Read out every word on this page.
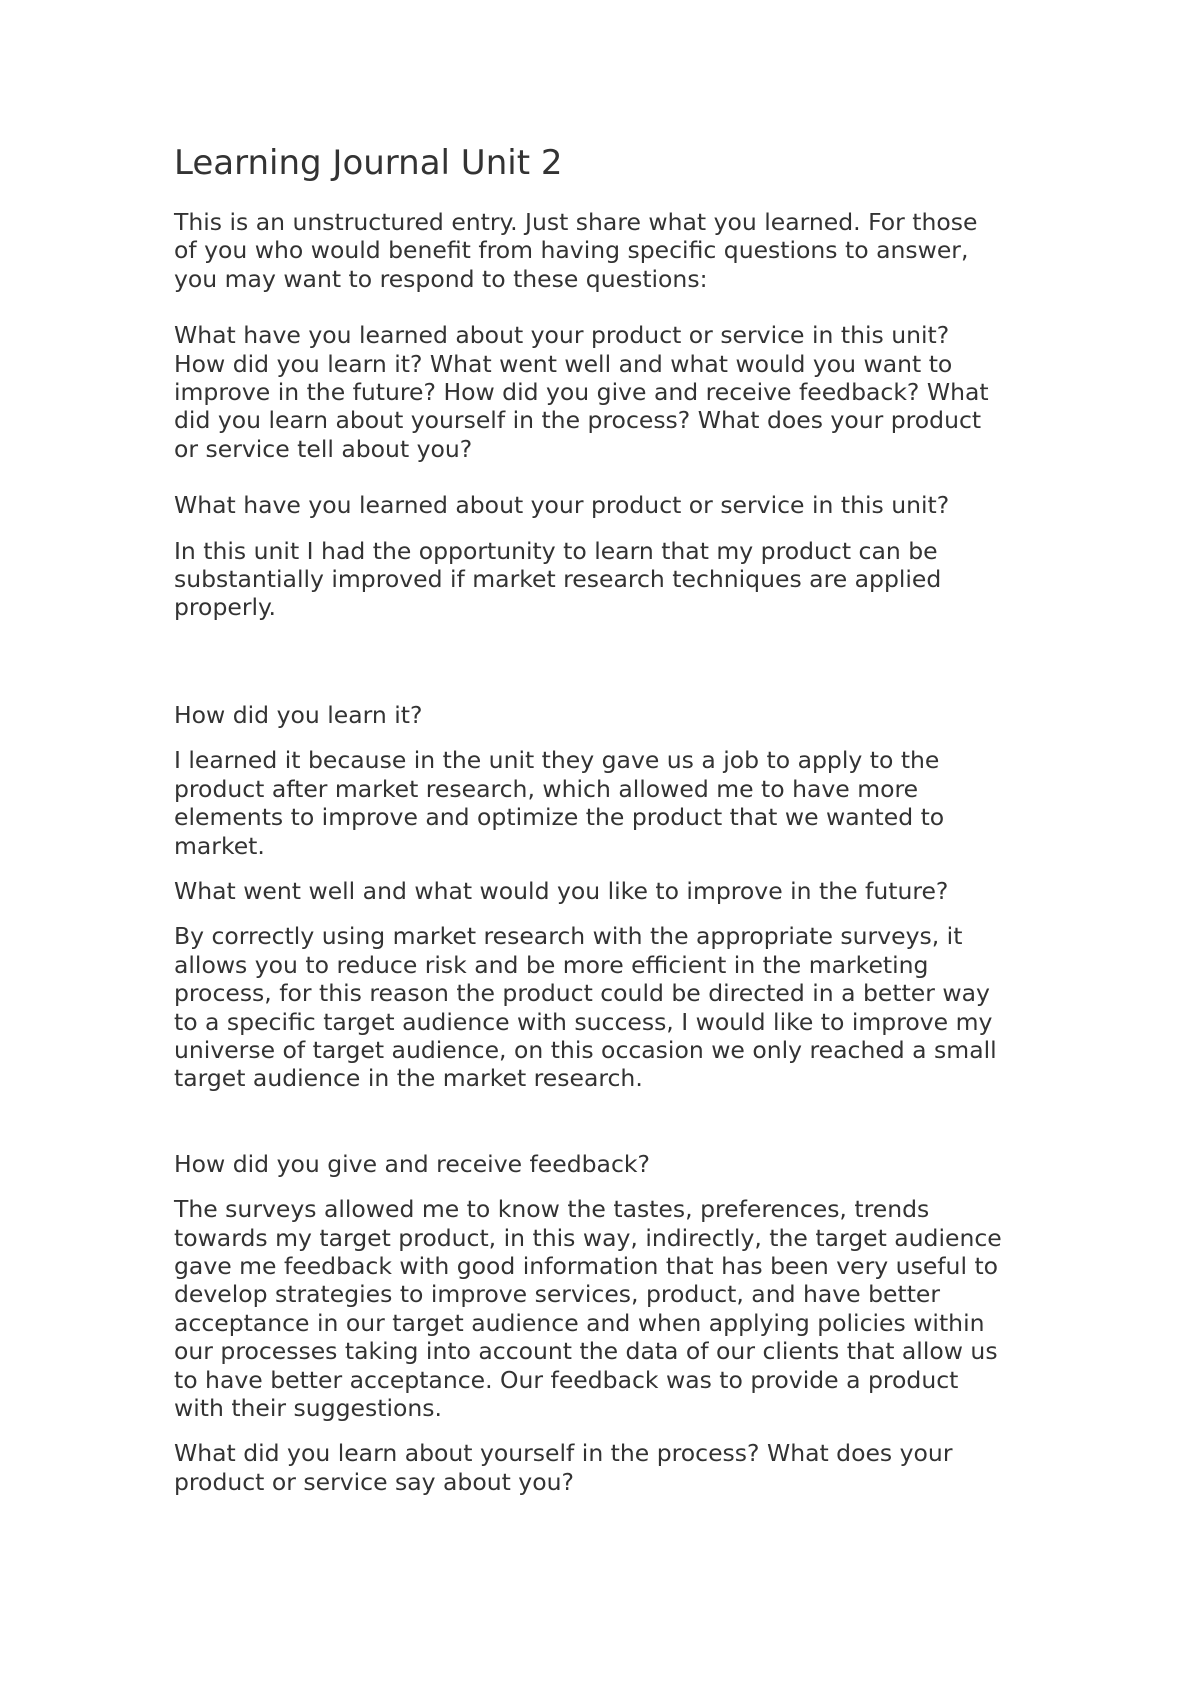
Learning Journal Unit 2

This is an unstructured entry. Just share what you learned. For those
of you who would benefit from having specific questions to answer,
you may want to respond to these questions:

What have you learned about your product or service in this unit?
How did you learn it? What went well and what would you want to
improve in the future? How did you give and receive feedback? What
did you learn about yourself in the process? What does your product
or service tell about you?

What have you learned about your product or service in this unit?

In this unit I had the opportunity to learn that my product can be
substantially improved if market research techniques are applied
properly.

How did you learn it?

I learned it because in the unit they gave us a job to apply to the
product after market research, which allowed me to have more
elements to improve and optimize the product that we wanted to
market.

What went well and what would you like to improve in the future?

By correctly using market research with the appropriate surveys, it
allows you to reduce risk and be more efficient in the marketing
process, for this reason the product could be directed in a better way
to a specific target audience with success, I would like to improve my
universe of target audience, on this occasion we only reached a small
target audience in the market research.

How did you give and receive feedback?

The surveys allowed me to know the tastes, preferences, trends
towards my target product, in this way, indirectly, the target audience
gave me feedback with good information that has been very useful to
develop strategies to improve services, product, and have better
acceptance in our target audience and when applying policies within
our processes taking into account the data of our clients that allow us
to have better acceptance. Our feedback was to provide a product
with their suggestions.

What did you learn about yourself in the process? What does your
product or service say about you?
